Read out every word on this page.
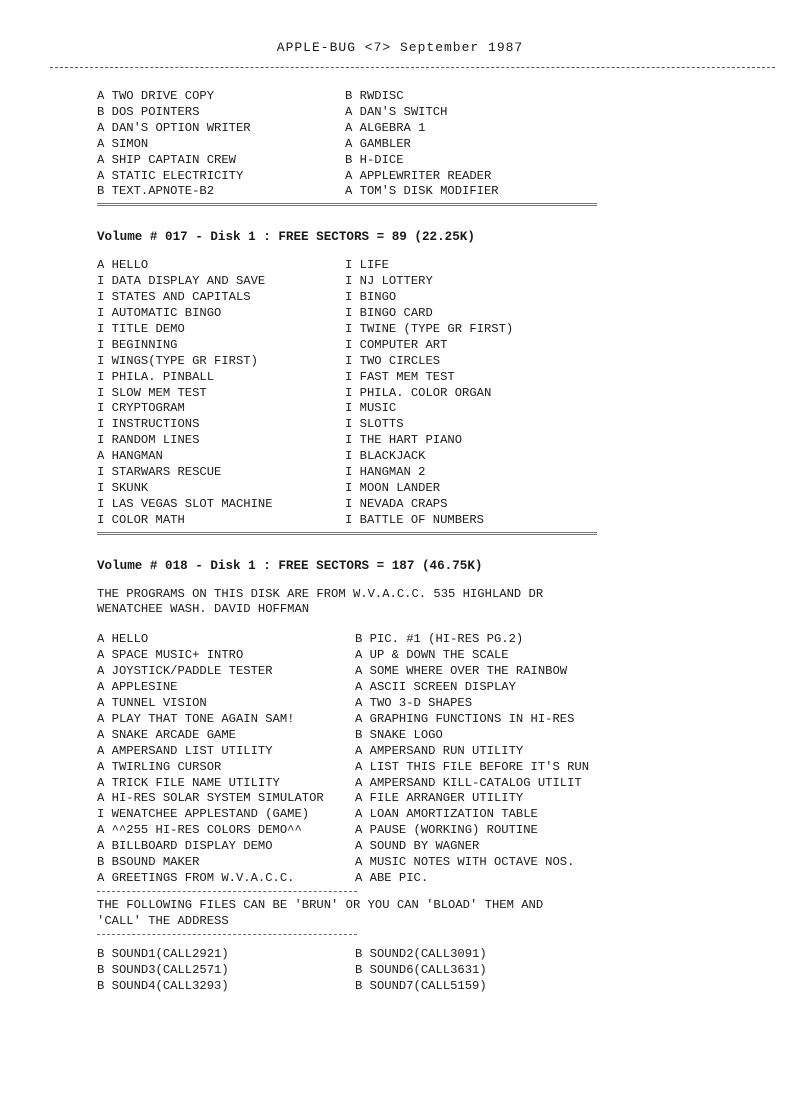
APPLE-BUG <7> September 1987
A TWO DRIVE COPY	B RWDISC
B DOS POINTERS	A DAN'S SWITCH
A DAN'S OPTION WRITER	A ALGEBRA 1
A SIMON	A GAMBLER
A SHIP CAPTAIN CREW	B H-DICE
A STATIC ELECTRICITY	A APPLEWRITER READER
B TEXT.APNOTE-B2	A TOM'S DISK MODIFIER
Volume # 017 - Disk 1 : FREE SECTORS = 89 (22.25K)
A HELLO	I LIFE
I DATA DISPLAY AND SAVE	I NJ LOTTERY
I STATES AND CAPITALS	I BINGO
I AUTOMATIC BINGO	I BINGO CARD
I TITLE DEMO	I TWINE (TYPE GR FIRST)
I BEGINNING	I COMPUTER ART
I WINGS(TYPE GR FIRST)	I TWO CIRCLES
I PHILA. PINBALL	I FAST MEM TEST
I SLOW MEM TEST	I PHILA. COLOR ORGAN
I CRYPTOGRAM	I MUSIC
I INSTRUCTIONS	I SLOTTS
I RANDOM LINES	I THE HART PIANO
A HANGMAN	I BLACKJACK
I STARWARS RESCUE	I HANGMAN 2
I SKUNK	I MOON LANDER
I LAS VEGAS SLOT MACHINE	I NEVADA CRAPS
I COLOR MATH	I BATTLE OF NUMBERS
Volume # 018 - Disk 1 : FREE SECTORS = 187 (46.75K)
THE PROGRAMS ON THIS DISK ARE FROM W.V.A.C.C. 535 HIGHLAND DR
WENATCHEE WASH. DAVID HOFFMAN
A HELLO	B PIC. #1 (HI-RES PG.2)
A SPACE MUSIC+ INTRO	A UP & DOWN THE SCALE
A JOYSTICK/PADDLE TESTER	A SOME WHERE OVER THE RAINBOW
A APPLESINE	A ASCII SCREEN DISPLAY
A TUNNEL VISION	A TWO 3-D SHAPES
A PLAY THAT TONE AGAIN SAM!	A GRAPHING FUNCTIONS IN HI-RES
A SNAKE ARCADE GAME	B SNAKE LOGO
A AMPERSAND LIST UTILITY	A AMPERSAND RUN UTILITY
A TWIRLING CURSOR	A LIST THIS FILE BEFORE IT'S RUN
A TRICK FILE NAME UTILITY	A AMPERSAND KILL-CATALOG UTILIT
A HI-RES SOLAR SYSTEM SIMULATOR	A FILE ARRANGER UTILITY
I WENATCHEE APPLESTAND (GAME)	A LOAN AMORTIZATION TABLE
A ^^255 HI-RES COLORS DEMO^^	A PAUSE (WORKING) ROUTINE
A BILLBOARD DISPLAY DEMO	A SOUND BY WAGNER
B BSOUND MAKER	A MUSIC NOTES WITH OCTAVE NOS.
A GREETINGS FROM W.V.A.C.C.	A ABE PIC.
THE FOLLOWING FILES CAN BE 'BRUN' OR YOU CAN 'BLOAD' THEM AND
'CALL' THE ADDRESS
B SOUND1(CALL2921)	B SOUND2(CALL3091)
B SOUND3(CALL2571)	B SOUND6(CALL3631)
B SOUND4(CALL3293)	B SOUND7(CALL5159)
